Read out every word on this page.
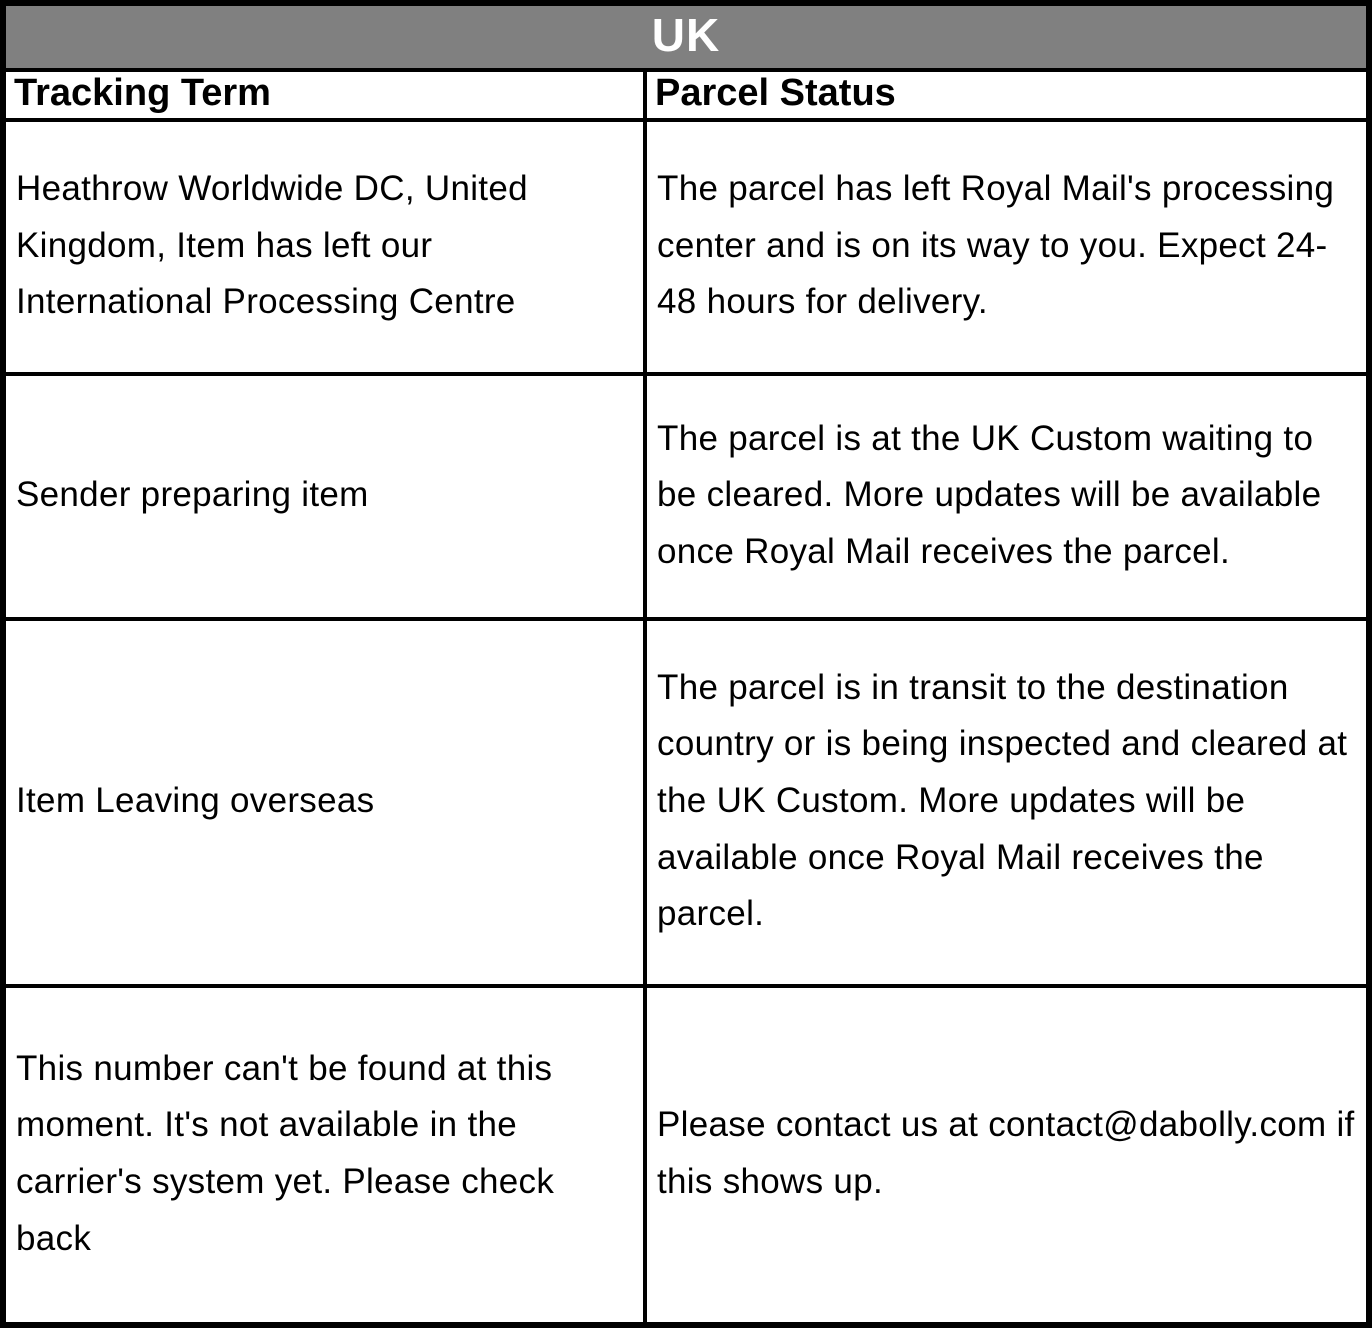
UK	
Tracking Term	Parcel Status
Heathrow Worldwide DC, United Kingdom, Item has left our International Processing Centre	The parcel has left Royal Mail's processing center and is on its way to you. Expect 24-48 hours for delivery.
Sender preparing item	The parcel is at the UK Custom waiting to be cleared. More updates will be available once Royal Mail receives the parcel.
Item Leaving overseas	The parcel is in transit to the destination country or is being inspected and cleared at the UK Custom. More updates will be available once Royal Mail receives the parcel.
This number can't be found at this moment. It's not available in the carrier's system yet. Please check back	Please contact us at contact@dabolly.com if this shows up.
